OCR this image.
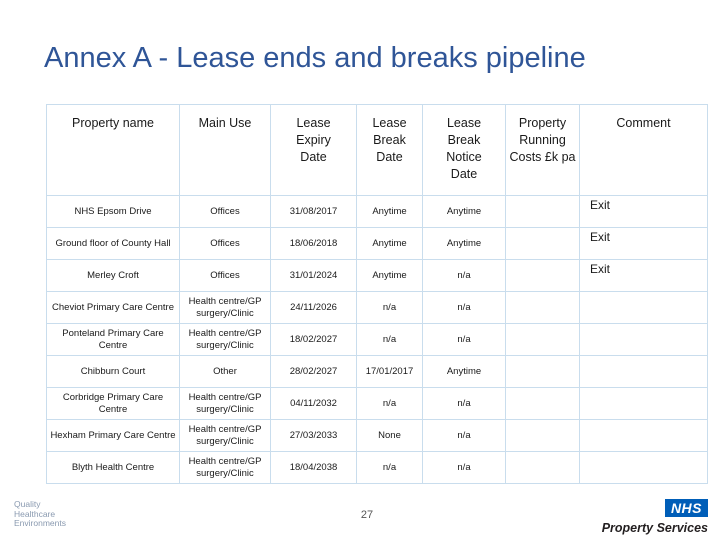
Annex A - Lease ends and breaks pipeline
Property name	Main Use	Lease
Expiry
Date	Lease
Break
Date	Lease
Break
Notice
Date	Property
Running
Costs £k pa	Comment

NHS Epsom Drive	Offices	31/08/2017	Anytime	Anytime		Exit
Ground floor of County Hall	Offices	18/06/2018	Anytime	Anytime		Exit
Merley Croft	Offices	31/01/2024	Anytime	n/a		Exit
Cheviot Primary Care Centre	Health centre/GP surgery/Clinic	24/11/2026	n/a	n/a		
Ponteland Primary Care Centre	Health centre/GP surgery/Clinic	18/02/2027	n/a	n/a		
Chibburn Court	Other	28/02/2027	17/01/2017	Anytime		
Corbridge Primary Care Centre	Health centre/GP surgery/Clinic	04/11/2032	n/a	n/a		
Hexham Primary Care Centre	Health centre/GP surgery/Clinic	27/03/2033	None	n/a		
Blyth Health Centre	Health centre/GP surgery/Clinic	18/04/2038	n/a	n/a		
Quality
Healthcare
Environments
27	NHS
Property Services
